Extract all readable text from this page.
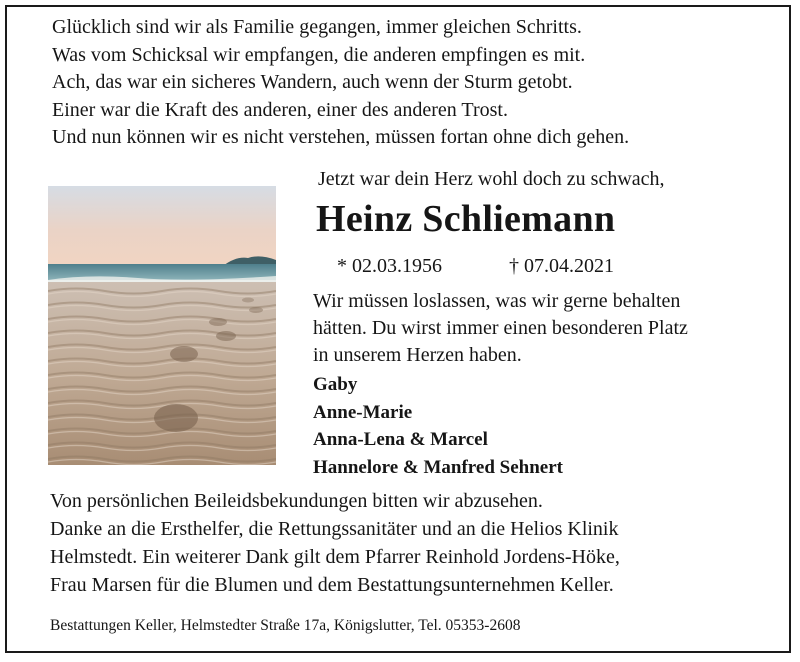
Glücklich sind wir als Familie gegangen, immer gleichen Schritts.
Was vom Schicksal wir empfangen, die anderen empfingen es mit.
Ach, das war ein sicheres Wandern, auch wenn der Sturm getobt.
Einer war die Kraft des anderen, einer des anderen Trost.
Und nun können wir es nicht verstehen, müssen fortan ohne dich gehen.
Jetzt war dein Herz wohl doch zu schwach,
Heinz Schliemann
* 02.03.1956	† 07.04.2021
Wir müssen loslassen, was wir gerne behalten
hätten. Du wirst immer einen besonderen Platz
in unserem Herzen haben.
Gaby
Anne-Marie
Anna-Lena & Marcel
Hannelore & Manfred Sehnert
Von persönlichen Beileidsbekundungen bitten wir abzusehen.
Danke an die Ersthelfer, die Rettungssanitäter und an die Helios Klinik
Helmstedt. Ein weiterer Dank gilt dem Pfarrer Reinhold Jordens-Höke,
Frau Marsen für die Blumen und dem Bestattungsunternehmen Keller.
Bestattungen Keller, Helmstedter Straße 17a, Königslutter, Tel. 05353-2608
